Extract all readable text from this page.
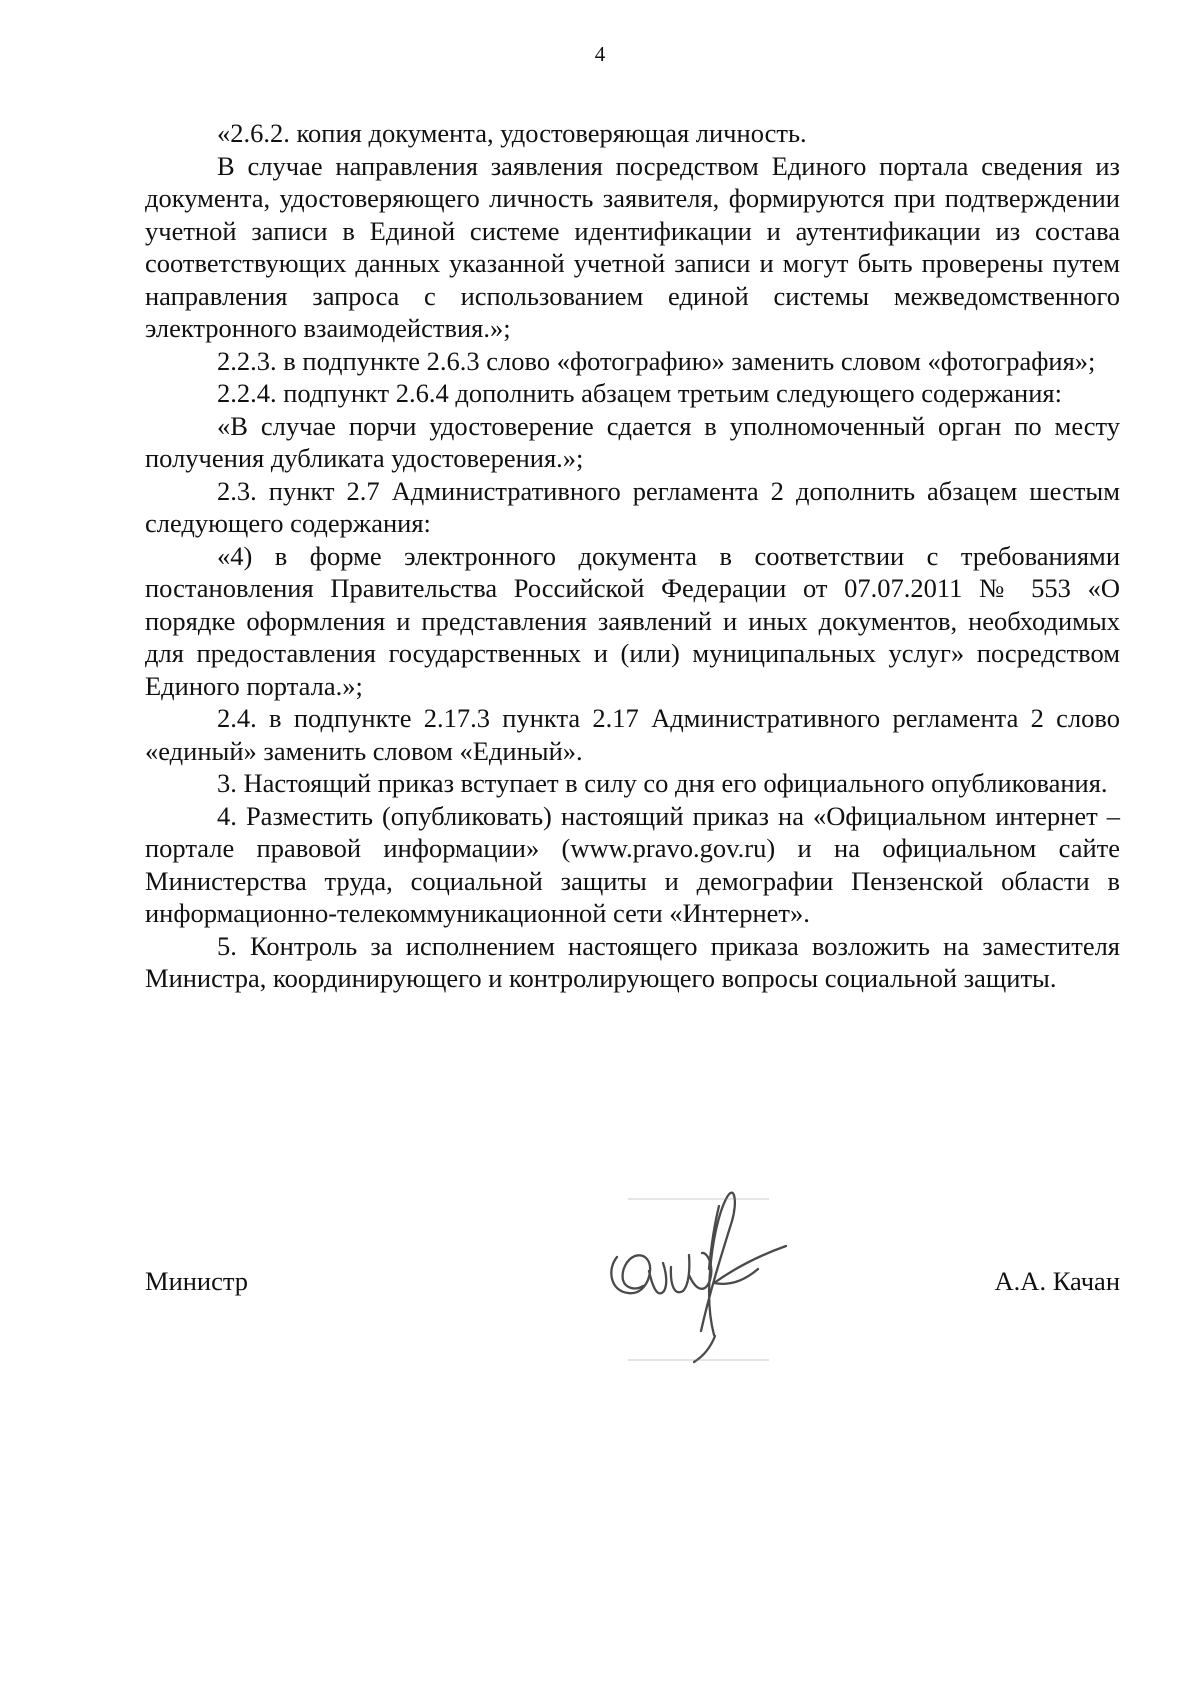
4

«2.6.2. копия документа, удостоверяющая личность.

В случае направления заявления посредством Единого портала сведения из документа, удостоверяющего личность заявителя, формируются при подтверждении учетной записи в Единой системе идентификации и аутентификации из состава соответствующих данных указанной учетной записи и могут быть проверены путем направления запроса с использованием единой системы межведомственного электронного взаимодействия.»;

2.2.3. в подпункте 2.6.3 слово «фотографию» заменить словом «фотография»;

2.2.4. подпункт 2.6.4 дополнить абзацем третьим следующего содержания:

«В случае порчи удостоверение сдается в уполномоченный орган по месту получения дубликата удостоверения.»;

2.3. пункт 2.7 Административного регламента 2 дополнить абзацем шестым следующего содержания:

«4) в форме электронного документа в соответствии с требованиями постановления Правительства Российской Федерации от 07.07.2011 № 553 «О порядке оформления и представления заявлений и иных документов, необходимых для предоставления государственных и (или) муниципальных услуг» посредством Единого портала.»;

2.4. в подпункте 2.17.3 пункта 2.17 Административного регламента 2 слово «единый» заменить словом «Единый».

3. Настоящий приказ вступает в силу со дня его официального опубликования.

4. Разместить (опубликовать) настоящий приказ на «Официальном интернет – портале правовой информации» (www.pravo.gov.ru) и на официальном сайте Министерства труда, социальной защиты и демографии Пензенской области в информационно-телекоммуникационной сети «Интернет».

5. Контроль за исполнением настоящего приказа возложить на заместителя Министра, координирующего и контролирующего вопросы социальной защиты.

Министр	А.А. Качан
